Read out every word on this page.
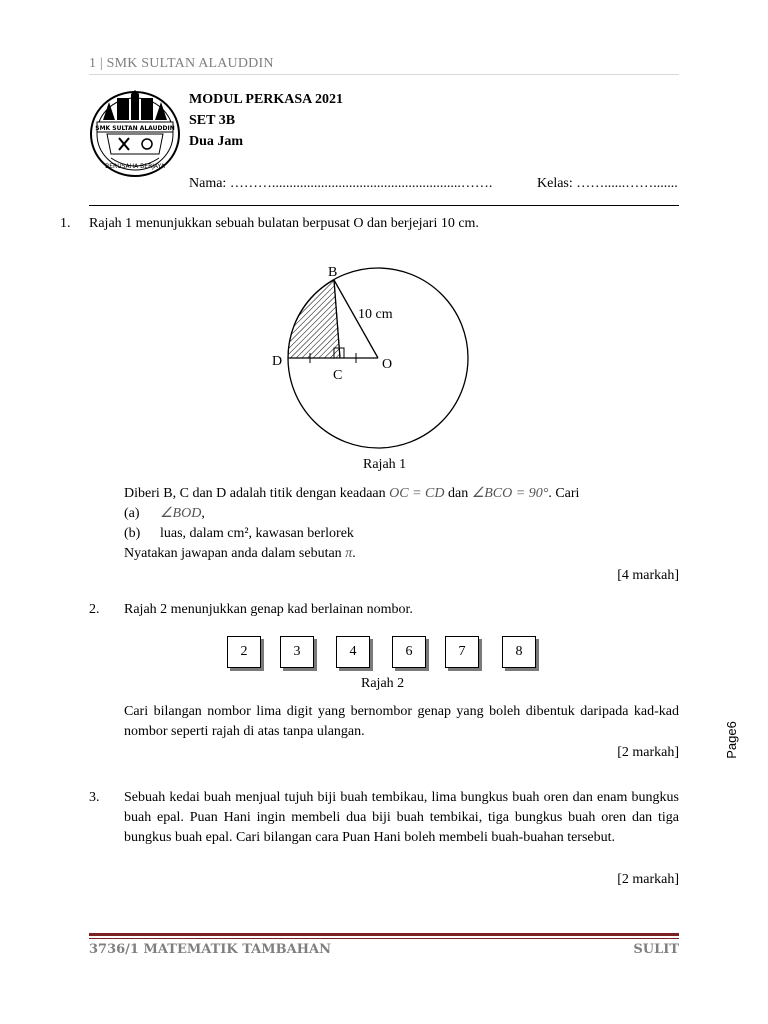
1 | SMK SULTAN ALAUDDIN
SMK SULTAN ALAUDDIN
BERUSAHA BERJAYA
MODUL PERKASA 2021
SET 3B
Dua Jam
Nama: ………......................................................…….	Kelas: ……......…….......
1. Rajah 1 menunjukkan sebuah bulatan berpusat O dan berjejari 10 cm.
B
D
C
O
10 cm
Rajah 1
Diberi B, C dan D adalah titik dengan keadaan OC = CD dan ∠BCO = 90°. Cari
(a) ∠BOD,
(b) luas, dalam cm², kawasan berlorek
Nyatakan jawapan anda dalam sebutan π.
[4 markah]
2. Rajah 2 menunjukkan genap kad berlainan nombor.
2	3	4	6	7	8
Rajah 2
Cari bilangan nombor lima digit yang bernombor genap yang boleh dibentuk daripada kad-kad nombor seperti rajah di atas tanpa ulangan.
[2 markah]
3. Sebuah kedai buah menjual tujuh biji buah tembikau, lima bungkus buah oren dan enam bungkus buah epal. Puan Hani ingin membeli dua biji buah tembikai, tiga bungkus buah oren dan tiga bungkus buah epal. Cari bilangan cara Puan Hani boleh membeli buah-buahan tersebut.
[2 markah]
Page6
3736/1 MATEMATIK TAMBAHAN	SULIT
